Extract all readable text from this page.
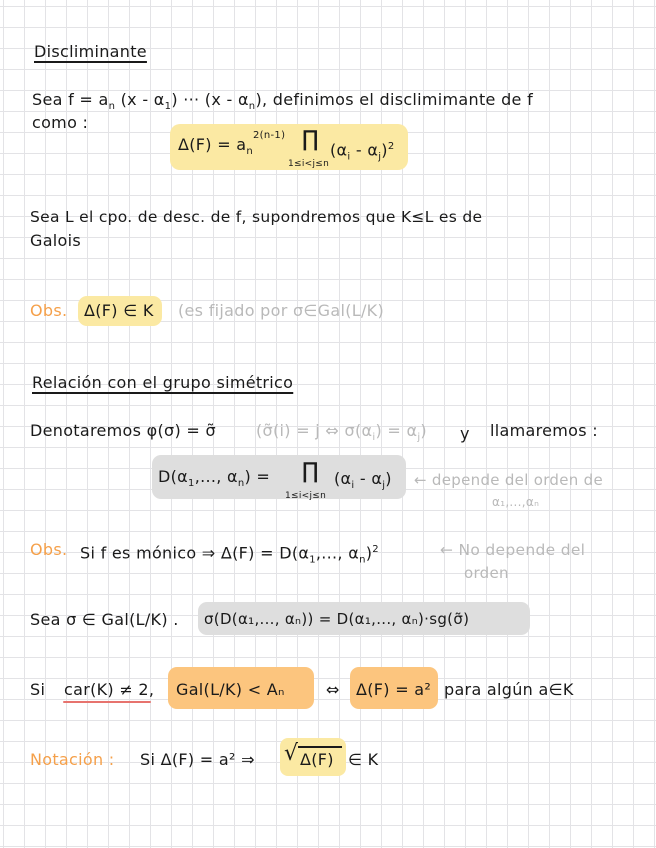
Discliminante
Sea $f = a_n$ $(x - \alpha_1)$ ··· $(x - \alpha_n)$, definimos el disclimimante de f
como :
$\Delta(F) = a_n$
2(n-1) ∏
1≤i<j≤n
$(\alpha_i - \alpha_j)^2$
Sea L el cpo. de desc. de f, supondremos que K≤L es de
Galois
Obs. Δ(F) ∈ K (es fijado por σ∈Gal(L/K)
Relación con el grupo simétrico
Denotaremos φ(σ) = σ̃	(σ̃(i) = j ⇔ $\sigma(\alpha_i) = \alpha_j$) y llamaremos :
$D(\alpha_1$,..., $\alpha_n$) = ∏
1≤i<j≤n
$(\alpha_i - \alpha_j)$ ← depende del orden de
α₁,...,αₙ
Obs. Si f es mónico ⇒ $\Delta(F) = D(\alpha_1$,..., $\alpha_n)^2$	← No depende del
orden
Sea σ ∈ Gal(L/K) . σ(D(α₁,..., αₙ)) = D(α₁,..., αₙ)·sg(σ̃)
Si car(K) ≠ 2, Gal(L/K) < Aₙ	⇔ Δ(F) = a² para algún a∈K
Notación : Si Δ(F) = a² ⇒ √ Δ(F) ∈ K
